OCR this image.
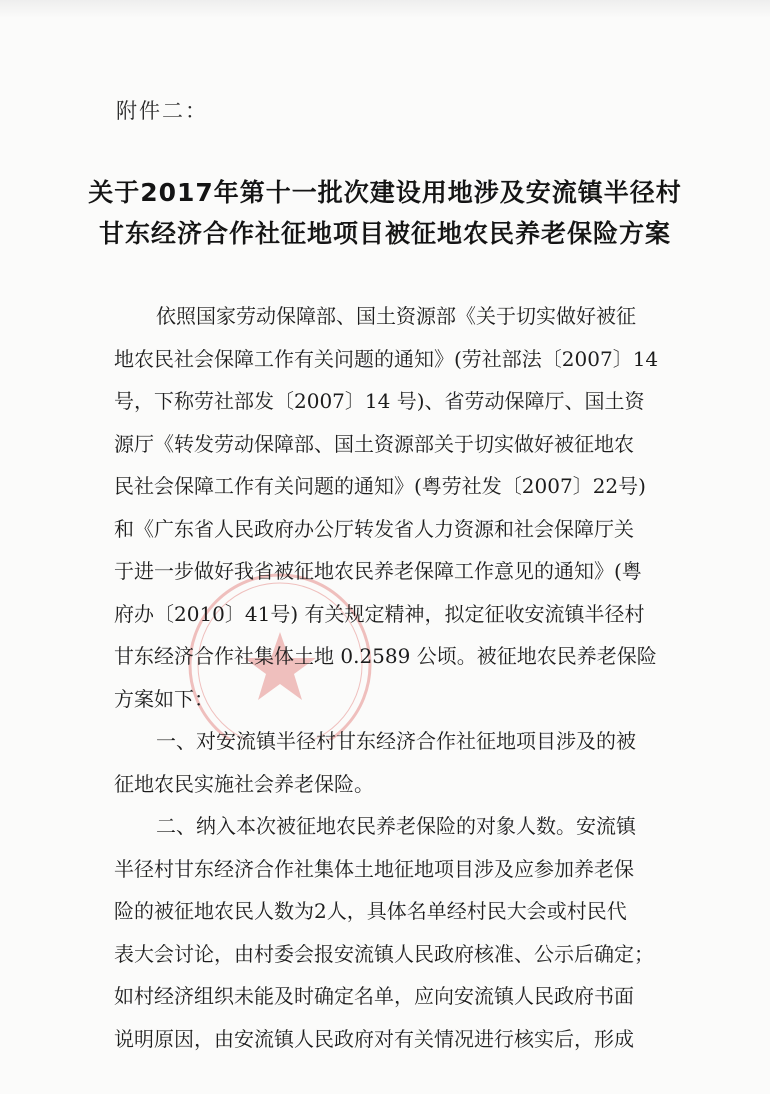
附件二：
关于2017年第十一批次建设用地涉及安流镇半径村
甘东经济合作社征地项目被征地农民养老保险方案
依照国家劳动保障部、国土资源部《关于切实做好被征
地农民社会保障工作有关问题的通知》(劳社部法〔2007〕14
号，下称劳社部发〔2007〕14 号)、省劳动保障厅、国土资
源厅《转发劳动保障部、国土资源部关于切实做好被征地农
民社会保障工作有关问题的通知》(粤劳社发〔2007〕22号)
和《广东省人民政府办公厅转发省人力资源和社会保障厅关
于进一步做好我省被征地农民养老保障工作意见的通知》(粤
府办〔2010〕41号) 有关规定精神，拟定征收安流镇半径村
甘东经济合作社集体土地 0.2589 公顷。被征地农民养老保险
方案如下：
一、对安流镇半径村甘东经济合作社征地项目涉及的被
征地农民实施社会养老保险。
二、纳入本次被征地农民养老保险的对象人数。安流镇
半径村甘东经济合作社集体土地征地项目涉及应参加养老保
险的被征地农民人数为2人，具体名单经村民大会或村民代
表大会讨论，由村委会报安流镇人民政府核准、公示后确定；
如村经济组织未能及时确定名单，应向安流镇人民政府书面
说明原因，由安流镇人民政府对有关情况进行核实后，形成
